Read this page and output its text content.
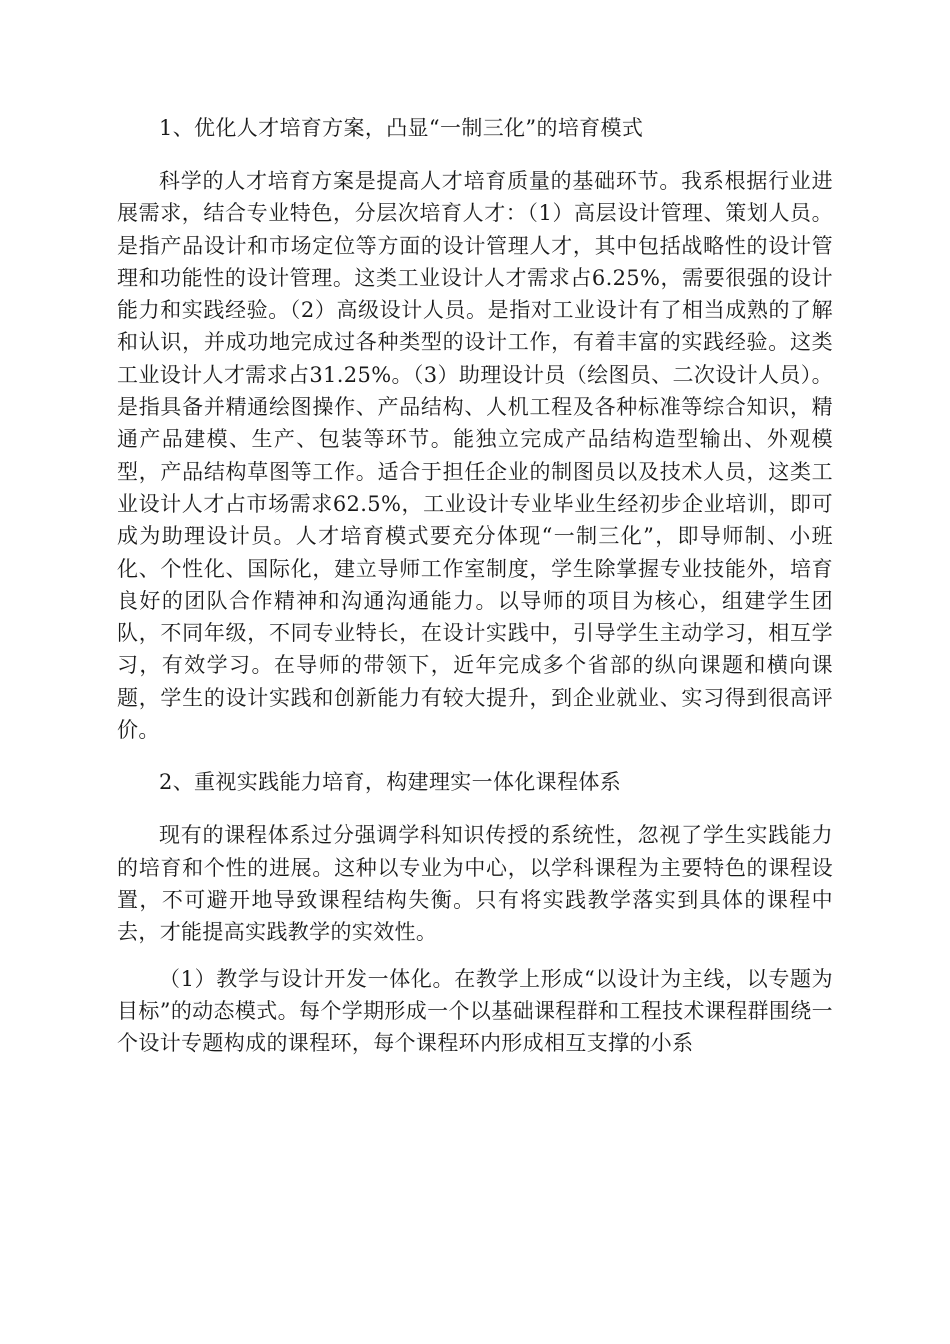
1、优化人才培育方案，凸显“一制三化”的培育模式

科学的人才培育方案是提高人才培育质量的基础环节。我系根据行业进展需求，结合专业特色，分层次培育人才：（1）高层设计管理、策划人员。是指产品设计和市场定位等方面的设计管理人才，其中包括战略性的设计管理和功能性的设计管理。这类工业设计人才需求占6.25%，需要很强的设计能力和实践经验。（2）高级设计人员。是指对工业设计有了相当成熟的了解和认识，并成功地完成过各种类型的设计工作，有着丰富的实践经验。这类工业设计人才需求占31.25%。（3）助理设计员（绘图员、二次设计人员）。是指具备并精通绘图操作、产品结构、人机工程及各种标准等综合知识，精通产品建模、生产、包装等环节。能独立完成产品结构造型输出、外观模型，产品结构草图等工作。适合于担任企业的制图员以及技术人员，这类工业设计人才占市场需求62.5%，工业设计专业毕业生经初步企业培训，即可成为助理设计员。人才培育模式要充分体现“一制三化”，即导师制、小班化、个性化、国际化，建立导师工作室制度，学生除掌握专业技能外，培育良好的团队合作精神和沟通沟通能力。以导师的项目为核心，组建学生团队，不同年级，不同专业特长，在设计实践中，引导学生主动学习，相互学习，有效学习。在导师的带领下，近年完成多个省部的纵向课题和横向课题，学生的设计实践和创新能力有较大提升，到企业就业、实习得到很高评价。

2、重视实践能力培育，构建理实一体化课程体系

现有的课程体系过分强调学科知识传授的系统性，忽视了学生实践能力的培育和个性的进展。这种以专业为中心，以学科课程为主要特色的课程设置，不可避开地导致课程结构失衡。只有将实践教学落实到具体的课程中去，才能提高实践教学的实效性。

（1）教学与设计开发一体化。在教学上形成“以设计为主线，以专题为目标”的动态模式。每个学期形成一个以基础课程群和工程技术课程群围绕一个设计专题构成的课程环，每个课程环内形成相互支撑的小系
